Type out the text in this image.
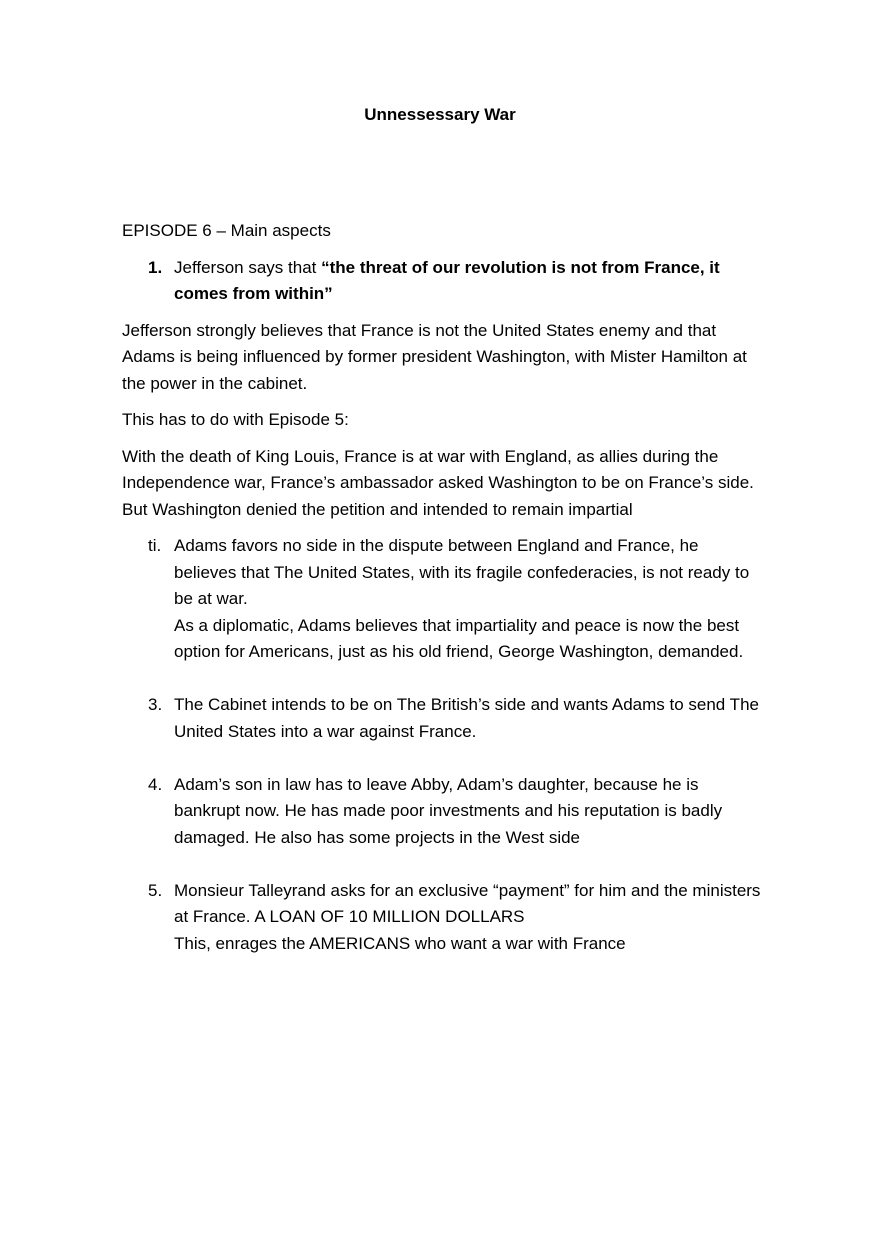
Unnessessary War

EPISODE 6 – Main aspects

1. Jefferson says that “the threat of our revolution is not from France, it comes from within”

Jefferson strongly believes that France is not the United States enemy and that Adams is being influenced by former president Washington, with Mister Hamilton at the power in the cabinet.

This has to do with Episode 5:

With the death of King Louis, France is at war with England, as allies during the Independence war, France’s ambassador asked Washington to be on France’s side. But Washington denied the petition and intended to remain impartial

ti. Adams favors no side in the dispute between England and France, he believes that The United States, with its fragile confederacies, is not ready to be at war.
As a diplomatic, Adams believes that impartiality and peace is now the best option for Americans, just as his old friend, George Washington, demanded.
3. The Cabinet intends to be on The British’s side and wants Adams to send The United States into a war against France.
4. Adam’s son in law has to leave Abby, Adam’s daughter, because he is bankrupt now. He has made poor investments and his reputation is badly damaged. He also has some projects in the West side
5. Monsieur Talleyrand asks for an exclusive “payment” for him and the ministers at France. A LOAN OF 10 MILLION DOLLARS
This, enrages the AMERICANS who want a war with France
